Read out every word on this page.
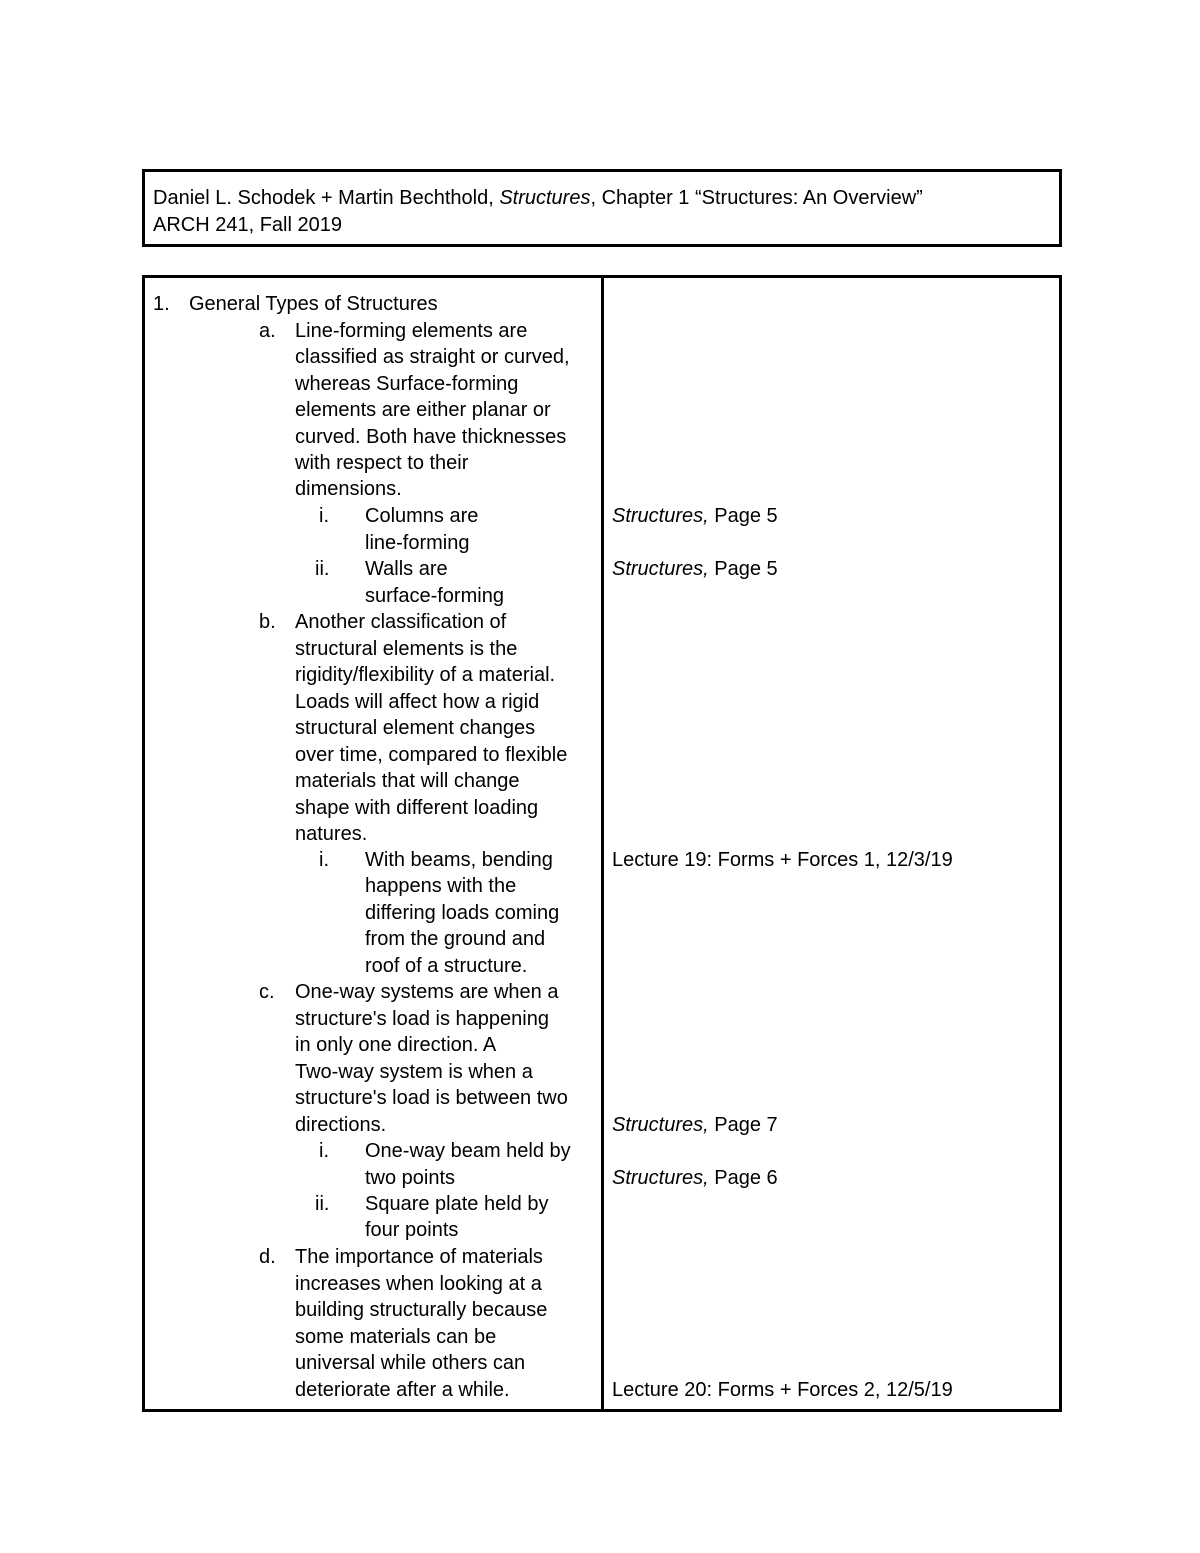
Daniel L. Schodek + Martin Bechthold, Structures, Chapter 1 “Structures: An Overview”
ARCH 241, Fall 2019
1. General Types of Structures
a. Line-forming elements are
classified as straight or curved,
whereas Surface-forming
elements are either planar or
curved. Both have thicknesses
with respect to their
dimensions.
i. Columns are
line-forming
ii. Walls are
surface-forming
b. Another classification of
structural elements is the
rigidity/flexibility of a material.
Loads will affect how a rigid
structural element changes
over time, compared to flexible
materials that will change
shape with different loading
natures.
i. With beams, bending
happens with the
differing loads coming
from the ground and
roof of a structure.
c. One-way systems are when a
structure's load is happening
in only one direction. A
Two-way system is when a
structure's load is between two
directions.
i. One-way beam held by
two points
ii. Square plate held by
four points
d. The importance of materials
increases when looking at a
building structurally because
some materials can be
universal while others can
deteriorate after a while.
Structures, Page 5
Structures, Page 5
Lecture 19: Forms + Forces 1, 12/3/19
Structures, Page 7
Structures, Page 6
Lecture 20: Forms + Forces 2, 12/5/19
